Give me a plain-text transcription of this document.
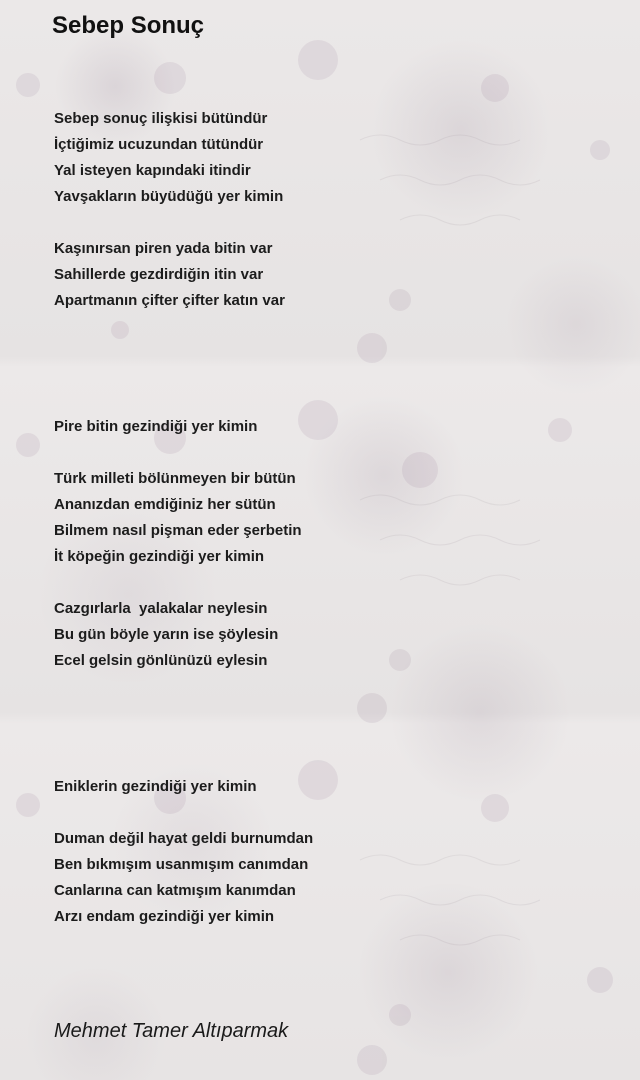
Sebep Sonuç
Sebep sonuç ilişkisi bütündür
İçtiğimiz ucuzundan tütündür
Yal isteyen kapındaki itindir
Yavşakların büyüdüğü yer kimin
Kaşınırsan piren yada bitin var
Sahillerde gezdirdiğin itin var
Apartmanın çifter çifter katın var
Pire bitin gezindiği yer kimin
Türk milleti bölünmeyen bir bütün
Ananızdan emdiğiniz her sütün
Bilmem nasıl pişman eder şerbetin
İt köpeğin gezindiği yer kimin
Cazgırlarla  yalakalar neylesin
Bu gün böyle yarın ise şöylesin
Ecel gelsin gönlünüzü eylesin
Eniklerin gezindiği yer kimin
Duman değil hayat geldi burnumdan
Ben bıkmışım usanmışım canımdan
Canlarına can katmışım kanımdan
Arzı endam gezindiği yer kimin
Mehmet Tamer Altıparmak
